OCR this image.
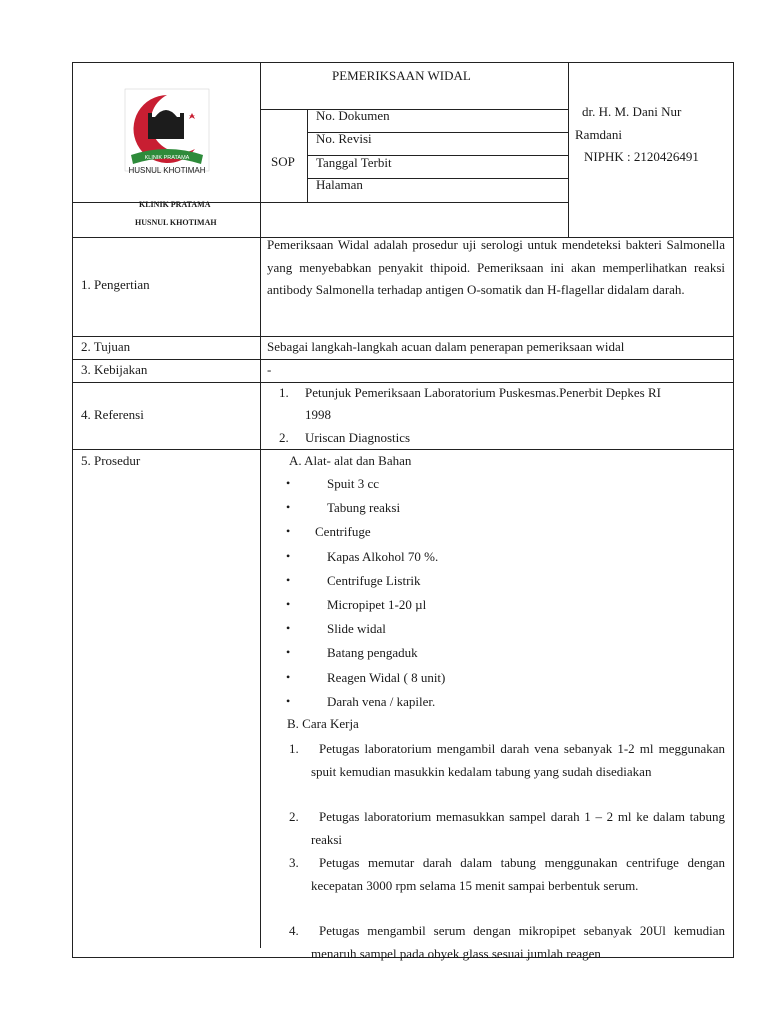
KLINIK PRATAMA
HUSNUL KHOTIMAH
KLINIK PRATAMA
HUSNUL KHOTIMAH
PEMERIKSAAN WIDAL
SOP
No. Dokumen
No. Revisi
Tanggal Terbit
Halaman
dr. H. M. Dani Nur
Ramdani
NIPHK : 2120426491
1. Pengertian
Pemeriksaan Widal adalah prosedur uji serologi untuk mendeteksi bakteri Salmonella yang menyebabkan penyakit thipoid. Pemeriksaan ini akan memperlihatkan reaksi antibody Salmonella terhadap antigen O-somatik dan H-flagellar didalam darah.
2. Tujuan	Sebagai langkah-langkah acuan dalam penerapan pemeriksaan widal
3. Kebijakan	-
4. Referensi
1. Petunjuk Pemeriksaan Laboratorium Puskesmas.Penerbit Depkes RI
1998
2. Uriscan Diagnostics
5. Prosedur	A. Alat- alat dan Bahan
•	Spuit 3 cc
•	Tabung reaksi
• Centrifuge
•	Kapas Alkohol 70 %.
•	Centrifuge Listrik
•	Micropipet 1-20 µl
•	Slide widal
•	Batang pengaduk
•	Reagen Widal ( 8 unit)
•	Darah vena / kapiler.
B. Cara Kerja
1.	Petugas laboratorium mengambil darah vena sebanyak 1-2 ml meggunakan spuit kemudian masukkin kedalam tabung yang sudah disediakan
2.	Petugas laboratorium memasukkan sampel darah 1 – 2 ml ke dalam tabung reaksi
3.	Petugas memutar darah dalam tabung menggunakan centrifuge dengan kecepatan 3000 rpm selama 15 menit sampai berbentuk serum.
4.	Petugas mengambil serum dengan mikropipet sebanyak 20Ul kemudian menaruh sampel pada obyek glass sesuai jumlah reagen
